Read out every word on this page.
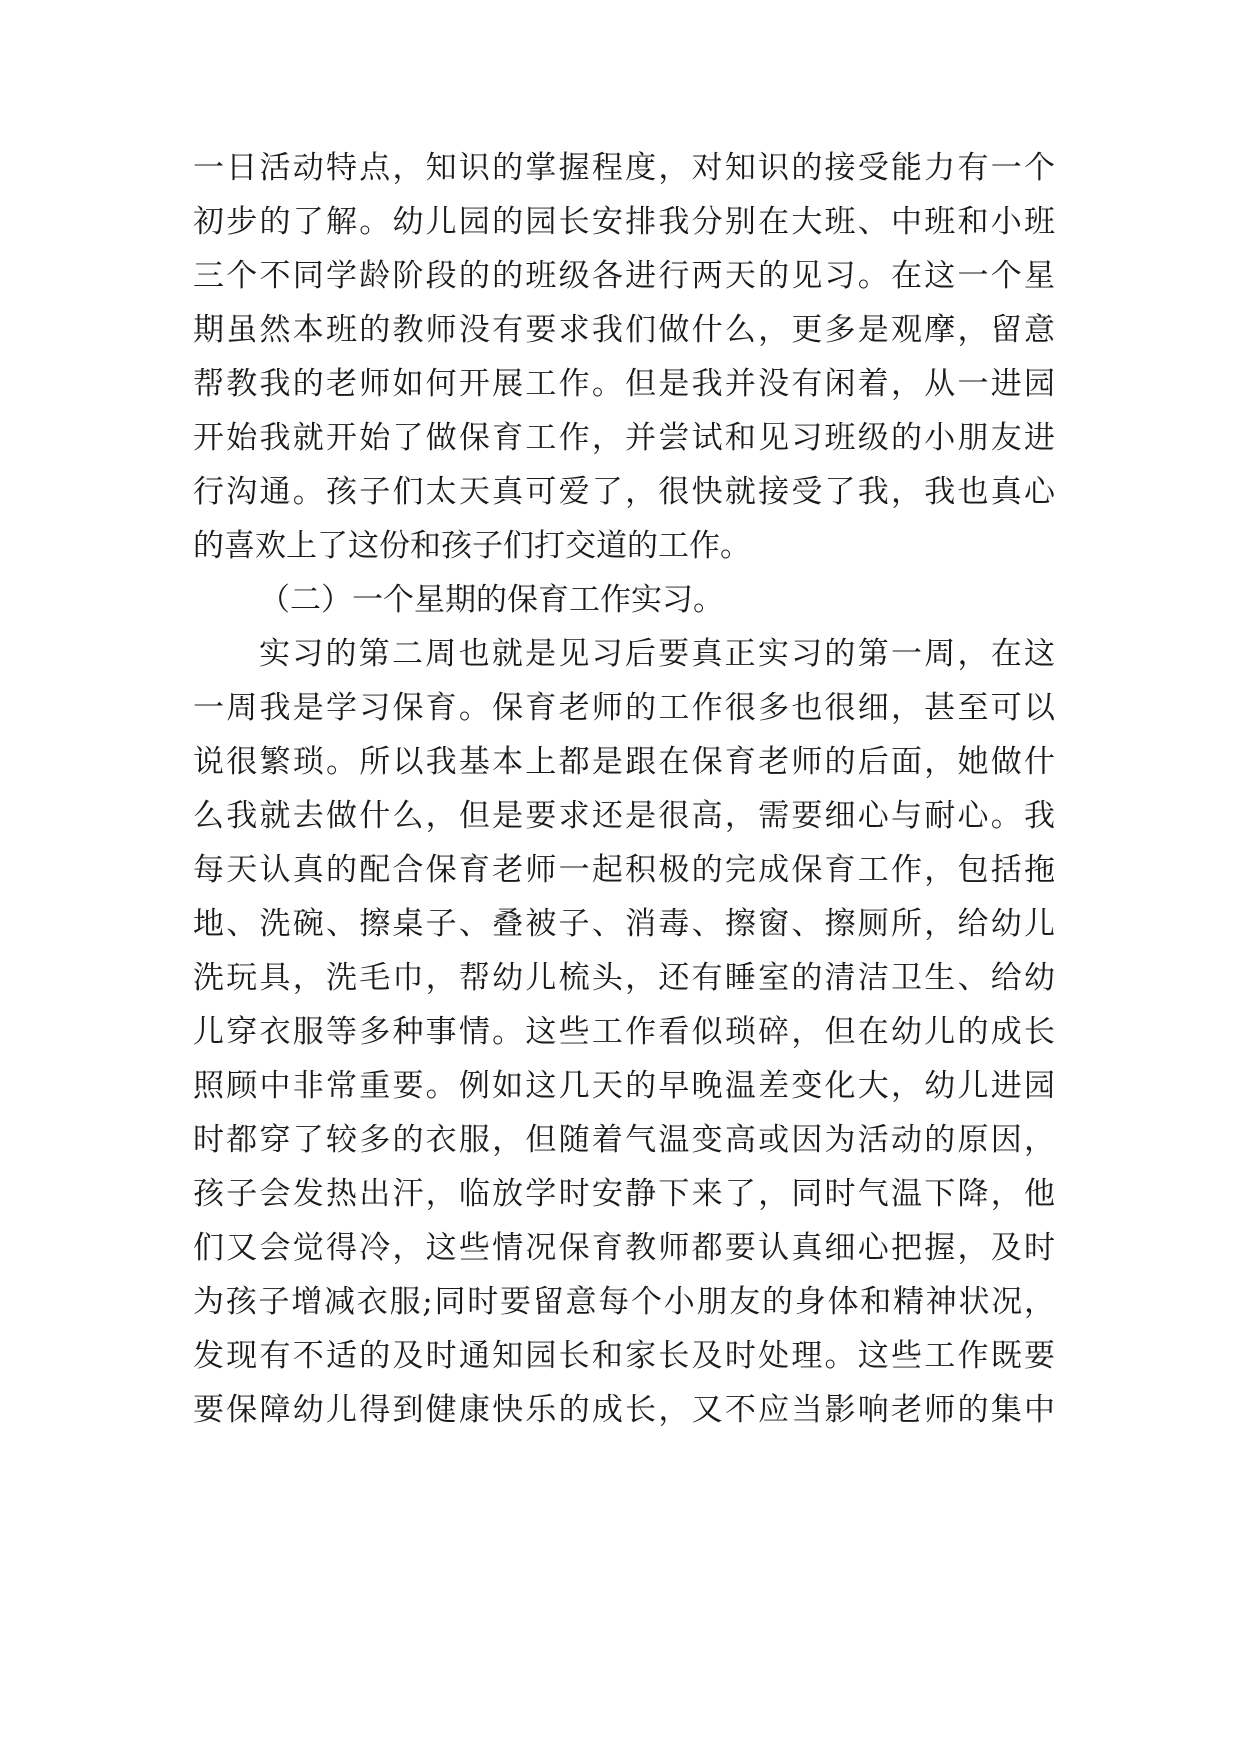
一日活动特点，知识的掌握程度，对知识的接受能力有一个
初步的了解。幼儿园的园长安排我分别在大班、中班和小班
三个不同学龄阶段的的班级各进行两天的见习。在这一个星
期虽然本班的教师没有要求我们做什么，更多是观摩，留意
帮教我的老师如何开展工作。但是我并没有闲着，从一进园
开始我就开始了做保育工作，并尝试和见习班级的小朋友进
行沟通。孩子们太天真可爱了，很快就接受了我，我也真心
的喜欢上了这份和孩子们打交道的工作。
（二）一个星期的保育工作实习。
实习的第二周也就是见习后要真正实习的第一周，在这
一周我是学习保育。保育老师的工作很多也很细，甚至可以
说很繁琐。所以我基本上都是跟在保育老师的后面，她做什
么我就去做什么，但是要求还是很高，需要细心与耐心。我
每天认真的配合保育老师一起积极的完成保育工作，包括拖
地、洗碗、擦桌子、叠被子、消毒、擦窗、擦厕所，给幼儿
洗玩具，洗毛巾，帮幼儿梳头，还有睡室的清洁卫生、给幼
儿穿衣服等多种事情。这些工作看似琐碎，但在幼儿的成长
照顾中非常重要。例如这几天的早晚温差变化大，幼儿进园
时都穿了较多的衣服，但随着气温变高或因为活动的原因，
孩子会发热出汗，临放学时安静下来了，同时气温下降，他
们又会觉得冷，这些情况保育教师都要认真细心把握，及时
为孩子增减衣服;同时要留意每个小朋友的身体和精神状况，
发现有不适的及时通知园长和家长及时处理。这些工作既要
要保障幼儿得到健康快乐的成长，又不应当影响老师的集中
